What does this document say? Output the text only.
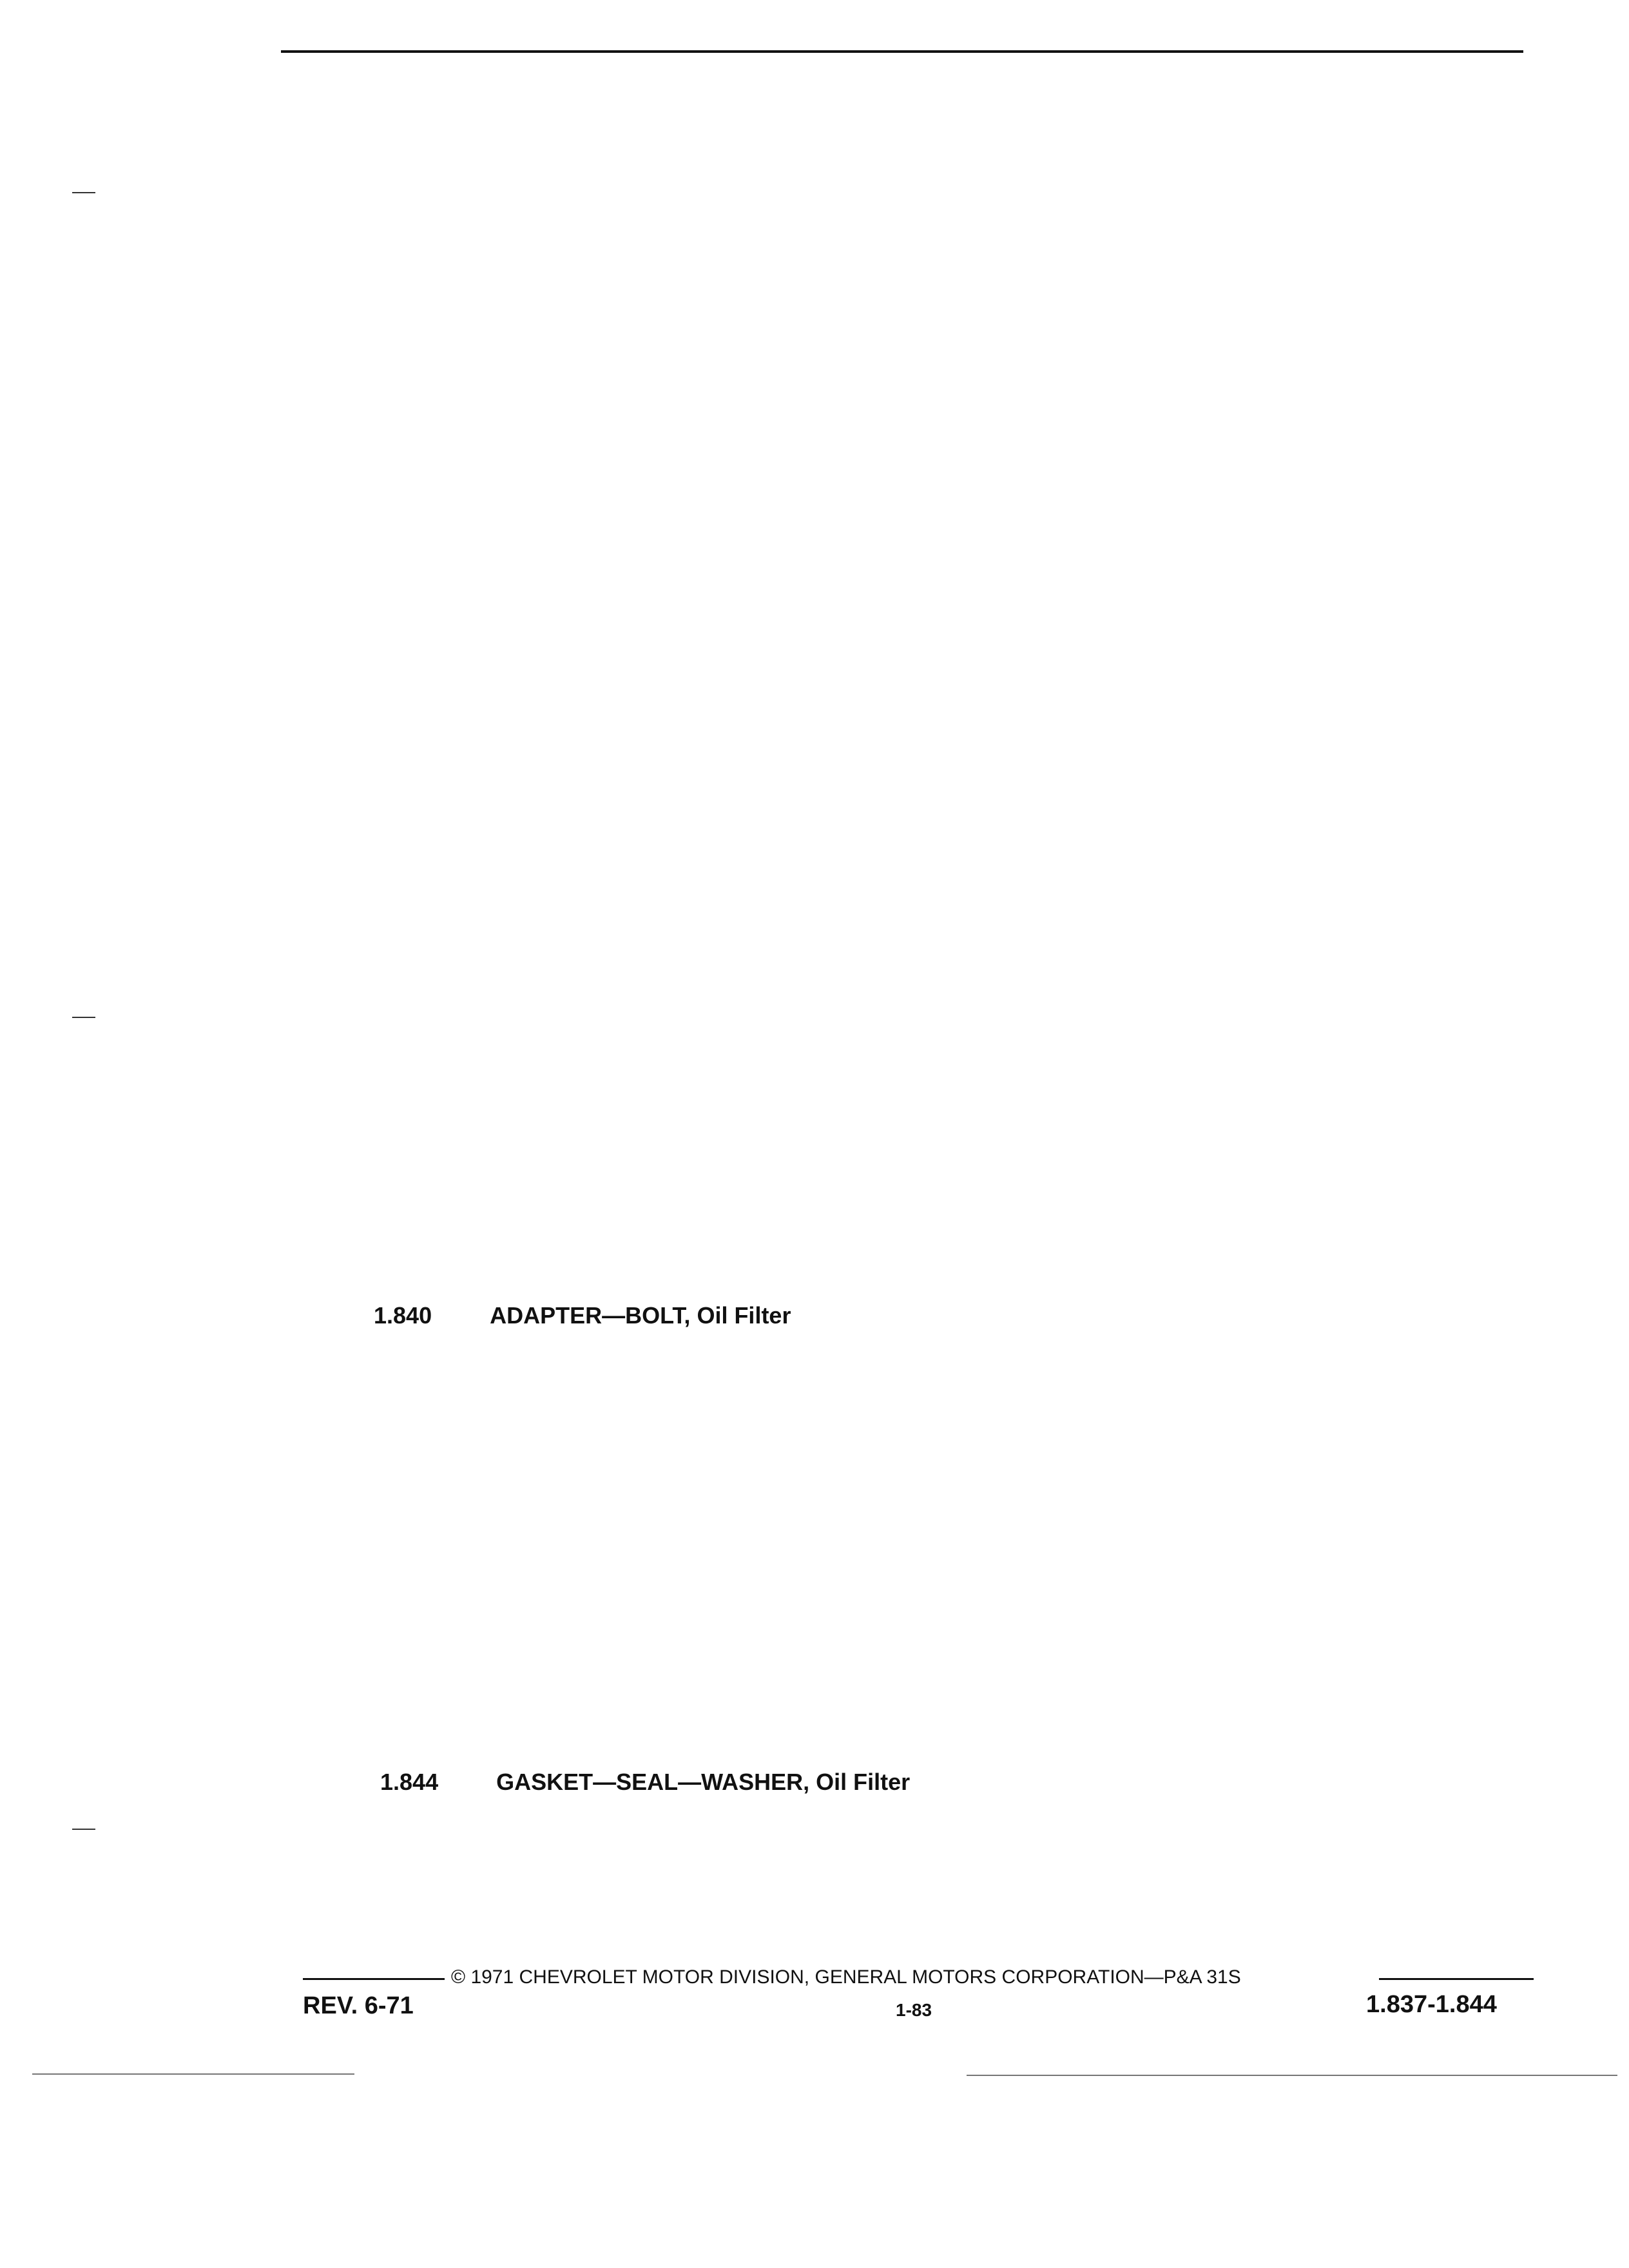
1.840	ADAPTER—BOLT, Oil Filter
1.844	GASKET—SEAL—WASHER, Oil Filter
© 1971 CHEVROLET MOTOR DIVISION, GENERAL MOTORS CORPORATION—P&A 31S
REV. 6-71	1-83	1.837-1.844
